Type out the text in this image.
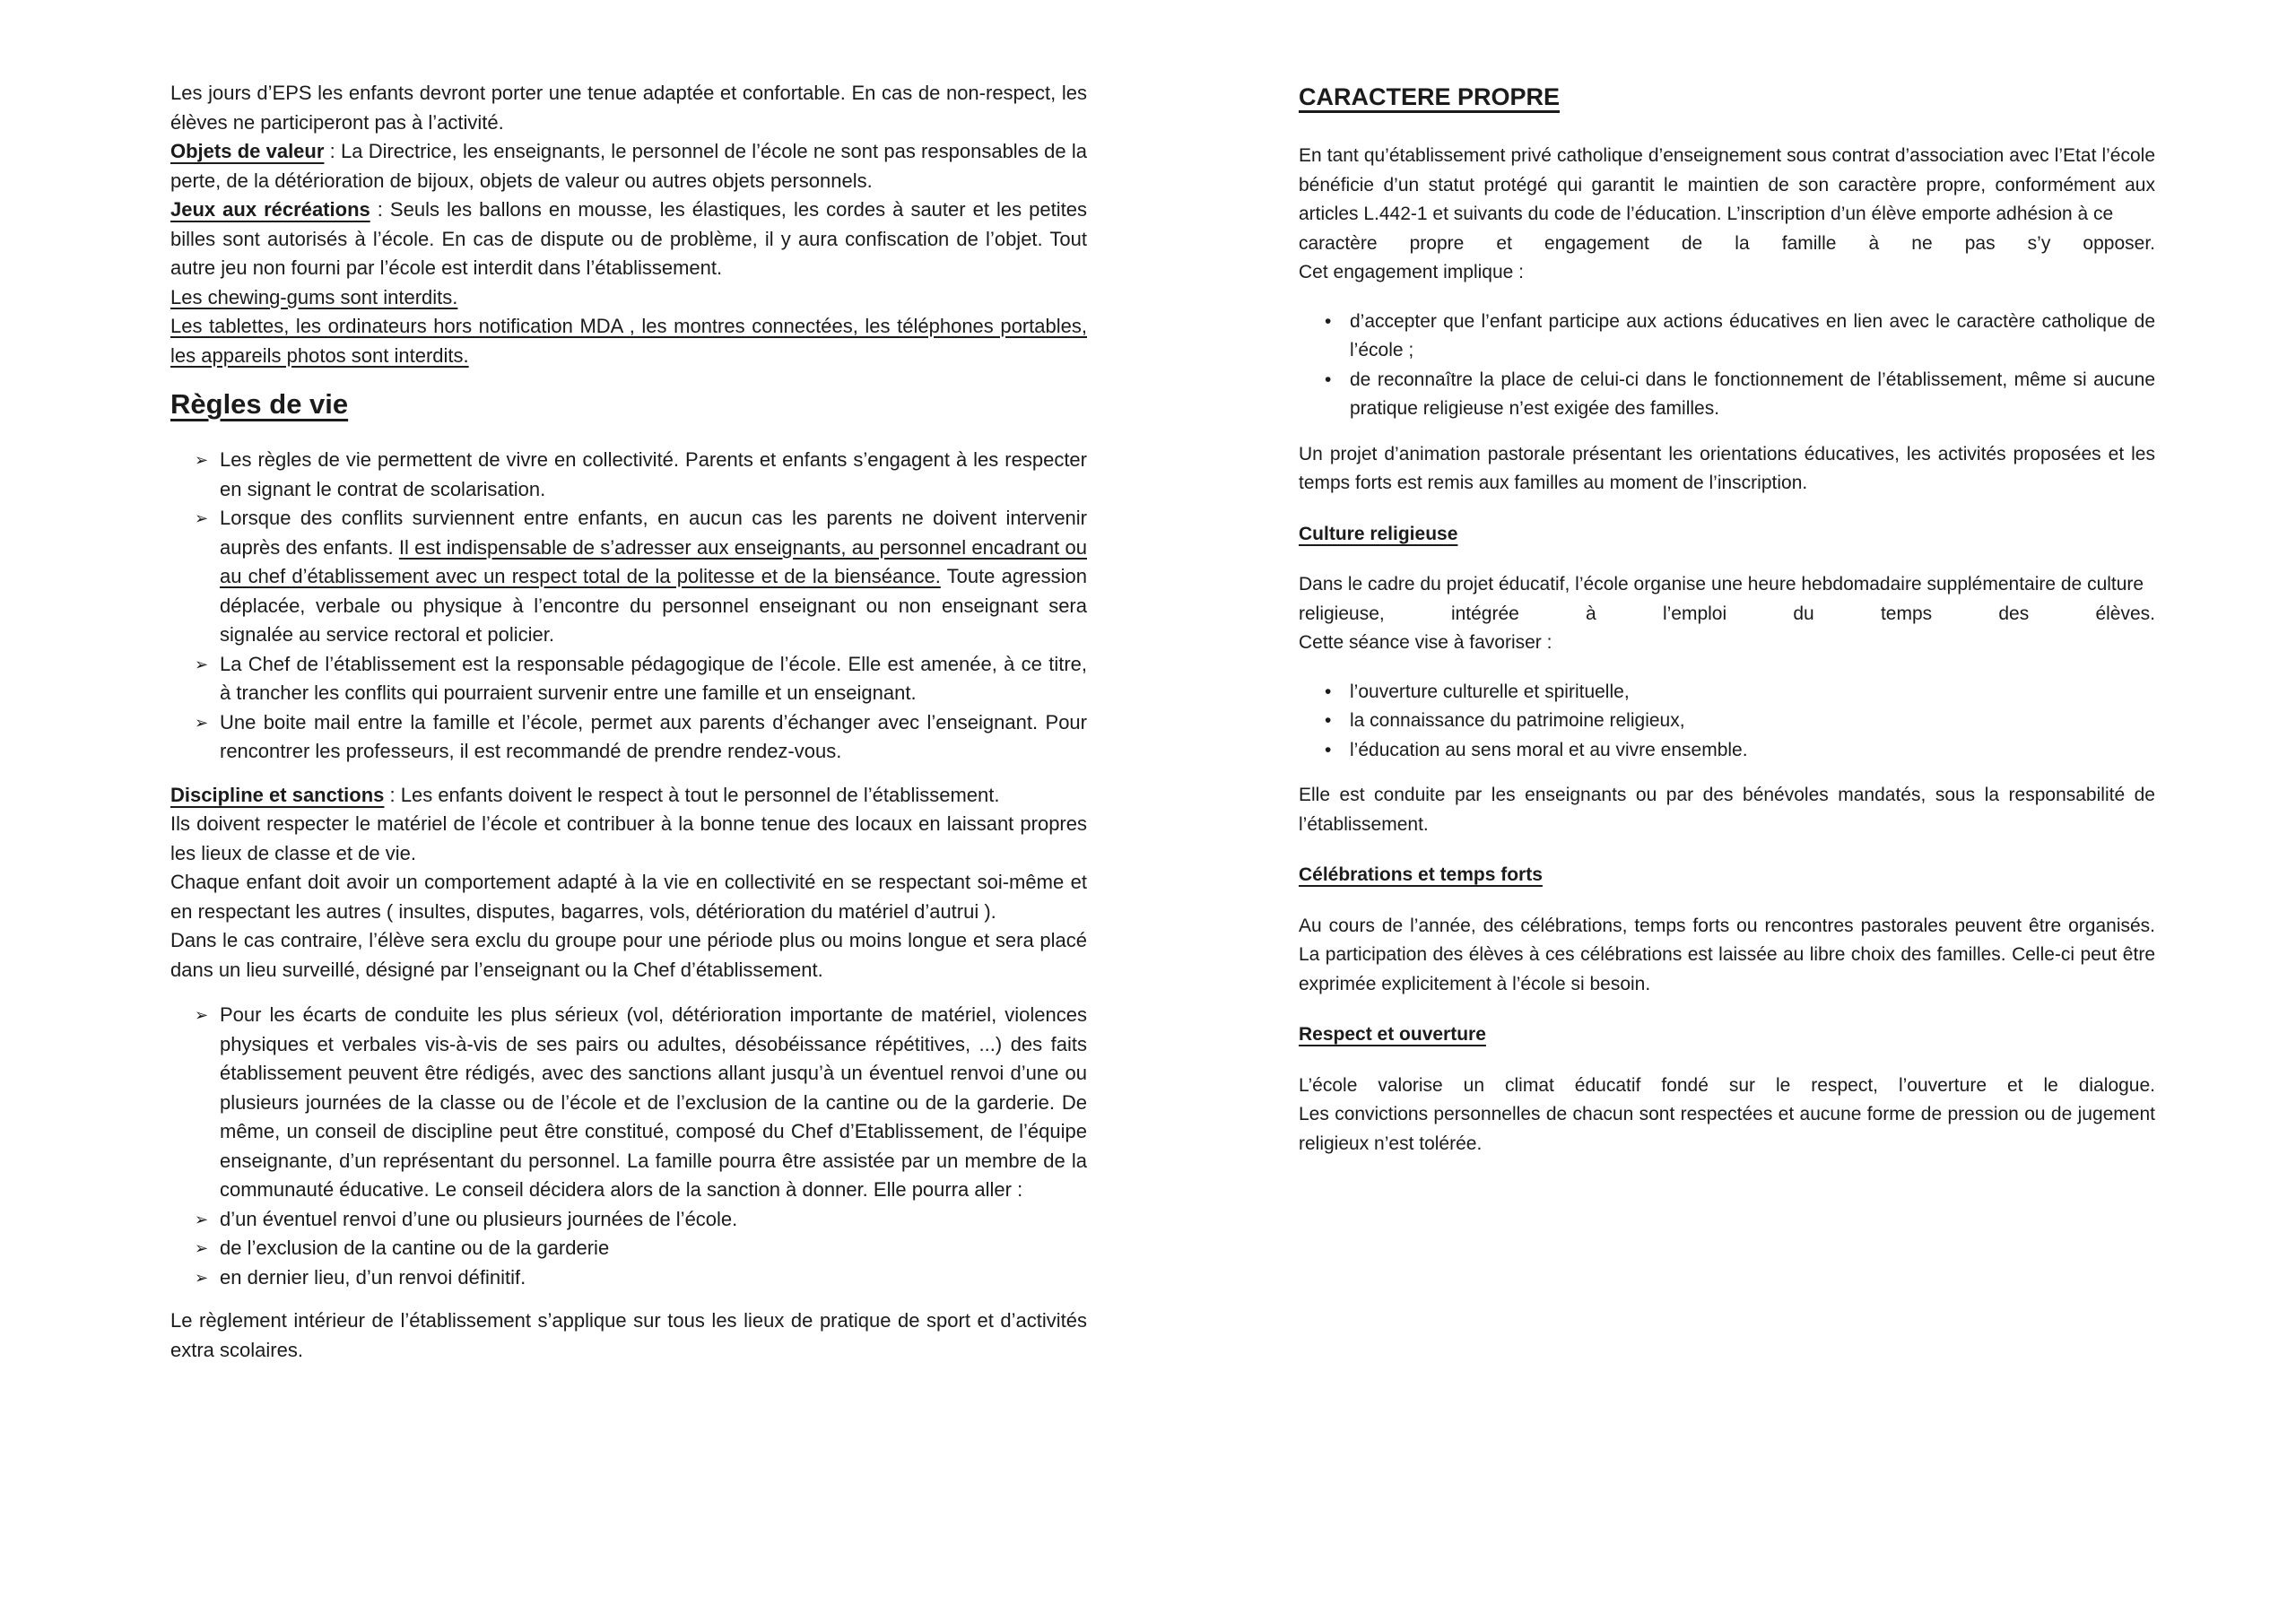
Les jours d’EPS les enfants devront porter une tenue adaptée et confortable. En cas de non-respect, les élèves ne participeront pas à l’activité.

Objets de valeur : La Directrice, les enseignants, le personnel de l’école ne sont pas responsables de la perte, de la détérioration de bijoux, objets de valeur ou autres objets personnels.

Jeux aux récréations : Seuls les ballons en mousse, les élastiques, les cordes à sauter et les petites billes sont autorisés à l’école. En cas de dispute ou de problème, il y aura confiscation de l’objet. Tout autre jeu non fourni par l’école est interdit dans l’établissement.

Les chewing-gums sont interdits.

Les tablettes, les ordinateurs hors notification MDA , les montres connectées, les téléphones portables, les appareils photos sont interdits.

Règles de vie
➢ Les règles de vie permettent de vivre en collectivité. Parents et enfants s’engagent à les respecter en signant le contrat de scolarisation.
➢ Lorsque des conflits surviennent entre enfants, en aucun cas les parents ne doivent intervenir auprès des enfants. Il est indispensable de s’adresser aux enseignants, au personnel encadrant ou au chef d’établissement avec un respect total de la politesse et de la bienséance. Toute agression déplacée, verbale ou physique à l’encontre du personnel enseignant ou non enseignant sera signalée au service rectoral et policier.
➢ La Chef de l’établissement est la responsable pédagogique de l’école. Elle est amenée, à ce titre, à trancher les conflits qui pourraient survenir entre une famille et un enseignant.
➢ Une boite mail entre la famille et l’école, permet aux parents d’échanger avec l’enseignant. Pour rencontrer les professeurs, il est recommandé de prendre rendez-vous.

Discipline et sanctions : Les enfants doivent le respect à tout le personnel de l’établissement.

Ils doivent respecter le matériel de l’école et contribuer à la bonne tenue des locaux en laissant propres les lieux de classe et de vie.

Chaque enfant doit avoir un comportement adapté à la vie en collectivité en se respectant soi-même et en respectant les autres ( insultes, disputes, bagarres, vols, détérioration du matériel d’autrui ).

Dans le cas contraire, l’élève sera exclu du groupe pour une période plus ou moins longue et sera placé dans un lieu surveillé, désigné par l’enseignant ou la Chef d’établissement.

➢ Pour les écarts de conduite les plus sérieux (vol, détérioration importante de matériel, violences physiques et verbales vis-à-vis de ses pairs ou adultes, désobéissance répétitives, ...) des faits établissement peuvent être rédigés, avec des sanctions allant jusqu’à un éventuel renvoi d’une ou plusieurs journées de la classe ou de l’école et de l’exclusion de la cantine ou de la garderie. De même, un conseil de discipline peut être constitué, composé du Chef d’Etablissement, de l’équipe enseignante, d’un représentant du personnel. La famille pourra être assistée par un membre de la communauté éducative. Le conseil décidera alors de la sanction à donner. Elle pourra aller :
➢ d’un éventuel renvoi d’une ou plusieurs journées de l’école.
➢ de l’exclusion de la cantine ou de la garderie
➢ en dernier lieu, d’un renvoi définitif.

Le règlement intérieur de l’établissement s’applique sur tous les lieux de pratique de sport et d’activités extra scolaires.

CARACTERE PROPRE

En tant qu’établissement privé catholique d’enseignement sous contrat d’association avec l’Etat l’école bénéficie d’un statut protégé qui garantit le maintien de son caractère propre, conformément aux articles L.442-1 et suivants du code de l’éducation. L’inscription d’un élève emporte adhésion à ce

caractère propre et engagement de la famille à ne pas s’y opposer.

Cet engagement implique :

• d’accepter que l’enfant participe aux actions éducatives en lien avec le caractère catholique de l’école ;
• de reconnaître la place de celui-ci dans le fonctionnement de l’établissement, même si aucune pratique religieuse n’est exigée des familles.

Un projet d’animation pastorale présentant les orientations éducatives, les activités proposées et les temps forts est remis aux familles au moment de l’inscription.

Culture religieuse

Dans le cadre du projet éducatif, l’école organise une heure hebdomadaire supplémentaire de culture

religieuse, intégrée à l’emploi du temps des élèves.

Cette séance vise à favoriser :

• l’ouverture culturelle et spirituelle,
• la connaissance du patrimoine religieux,
• l’éducation au sens moral et au vivre ensemble.

Elle est conduite par les enseignants ou par des bénévoles mandatés, sous la responsabilité de l’établissement.

Célébrations et temps forts

Au cours de l’année, des célébrations, temps forts ou rencontres pastorales peuvent être organisés. La participation des élèves à ces célébrations est laissée au libre choix des familles. Celle-ci peut être exprimée explicitement à l’école si besoin.

Respect et ouverture
L’école valorise un climat éducatif fondé sur le respect, l’ouverture et le dialogue.

Les convictions personnelles de chacun sont respectées et aucune forme de pression ou de jugement religieux n’est tolérée.
